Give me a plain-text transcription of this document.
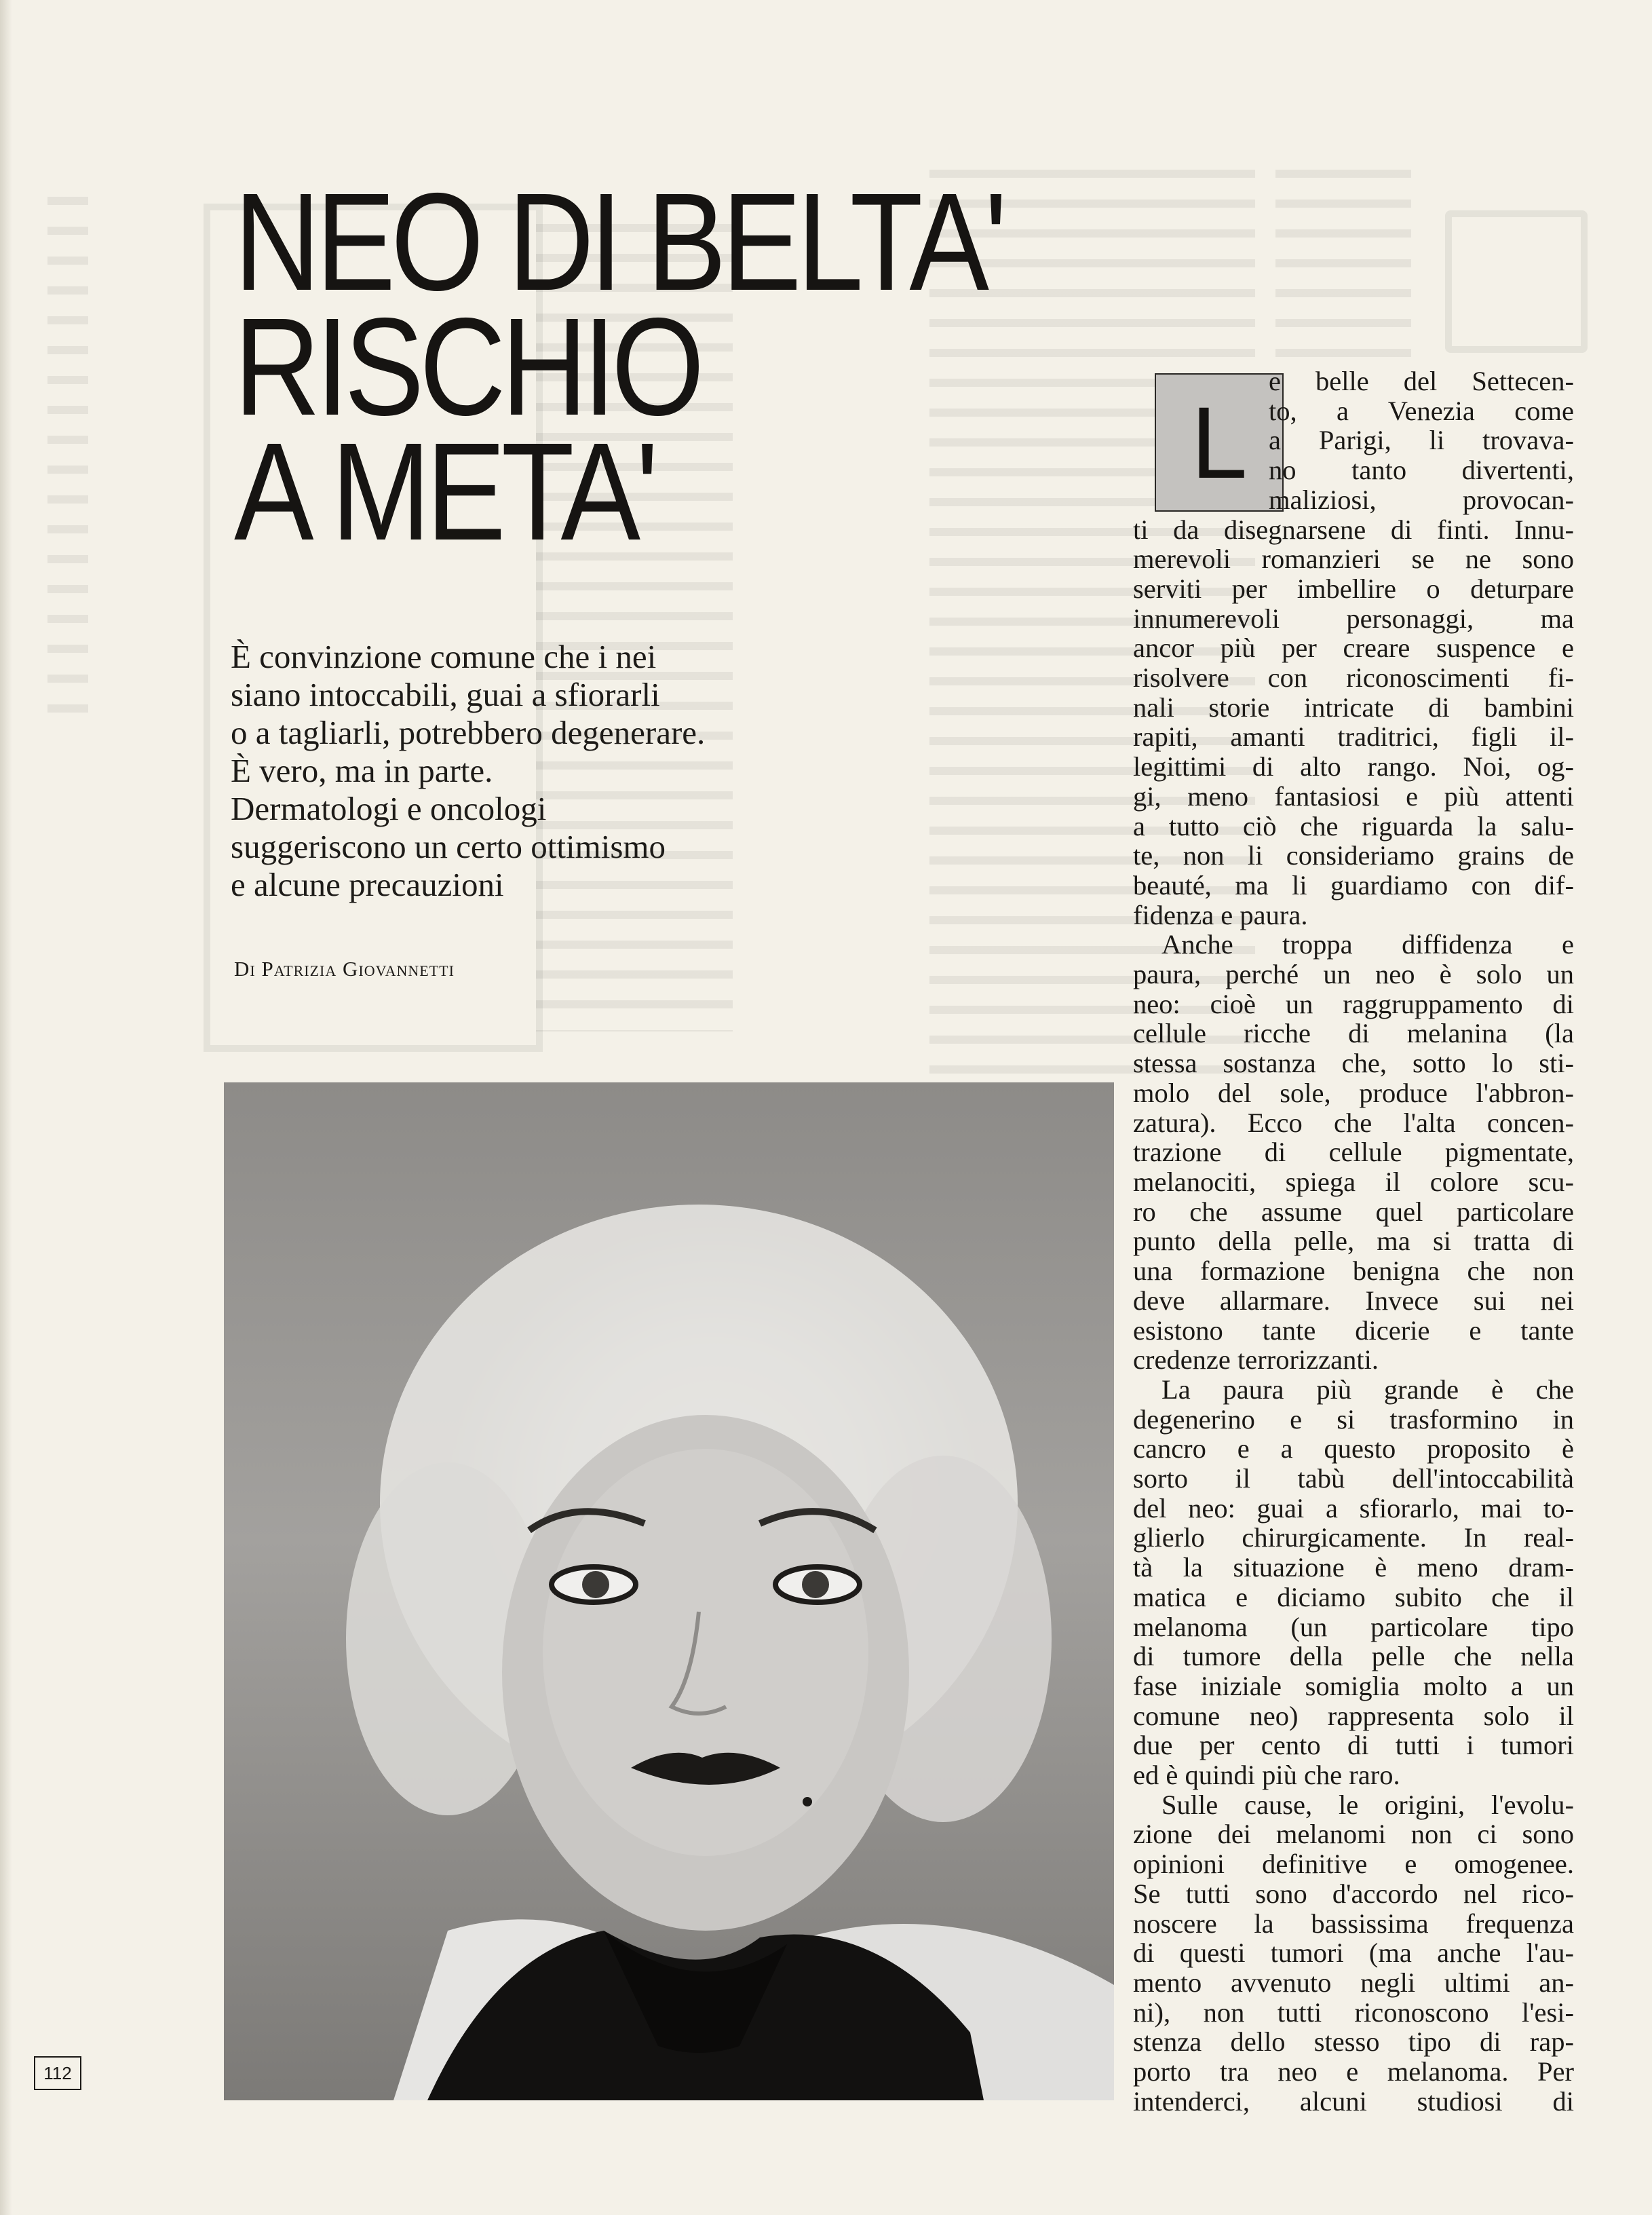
NEO DI BELTA'
RISCHIO
A META'
È convinzione comune che i nei
siano intoccabili, guai a sfiorarli
o a tagliarli, potrebbero degenerare.
È vero, ma in parte.
Dermatologi e oncologi
suggeriscono un certo ottimismo
e alcune precauzioni
Di Patrizia Giovannetti
L
e belle del Settecen-
to, a Venezia come
a Parigi, li trovava-
no tanto divertenti,
maliziosi, provocan-
ti da disegnarsene di finti. Innu-
merevoli romanzieri se ne sono
serviti per imbellire o deturpare
innumerevoli personaggi, ma
ancor più per creare suspence e
risolvere con riconoscimenti fi-
nali storie intricate di bambini
rapiti, amanti traditrici, figli il-
legittimi di alto rango. Noi, og-
gi, meno fantasiosi e più attenti
a tutto ciò che riguarda la salu-
te, non li consideriamo grains de
beauté, ma li guardiamo con dif-
fidenza e paura.
Anche troppa diffidenza e
paura, perché un neo è solo un
neo: cioè un raggruppamento di
cellule ricche di melanina (la
stessa sostanza che, sotto lo sti-
molo del sole, produce l'abbron-
zatura). Ecco che l'alta concen-
trazione di cellule pigmentate,
melanociti, spiega il colore scu-
ro che assume quel particolare
punto della pelle, ma si tratta di
una formazione benigna che non
deve allarmare. Invece sui nei
esistono tante dicerie e tante
credenze terrorizzanti.
La paura più grande è che
degenerino e si trasformino in
cancro e a questo proposito è
sorto il tabù dell'intoccabilità
del neo: guai a sfiorarlo, mai to-
glierlo chirurgicamente. In real-
tà la situazione è meno dram-
matica e diciamo subito che il
melanoma (un particolare tipo
di tumore della pelle che nella
fase iniziale somiglia molto a un
comune neo) rappresenta solo il
due per cento di tutti i tumori
ed è quindi più che raro.
Sulle cause, le origini, l'evolu-
zione dei melanomi non ci sono
opinioni definitive e omogenee.
Se tutti sono d'accordo nel rico-
noscere la bassissima frequenza
di questi tumori (ma anche l'au-
mento avvenuto negli ultimi an-
ni), non tutti riconoscono l'esi-
stenza dello stesso tipo di rap-
porto tra neo e melanoma. Per
intenderci, alcuni studiosi di
112
